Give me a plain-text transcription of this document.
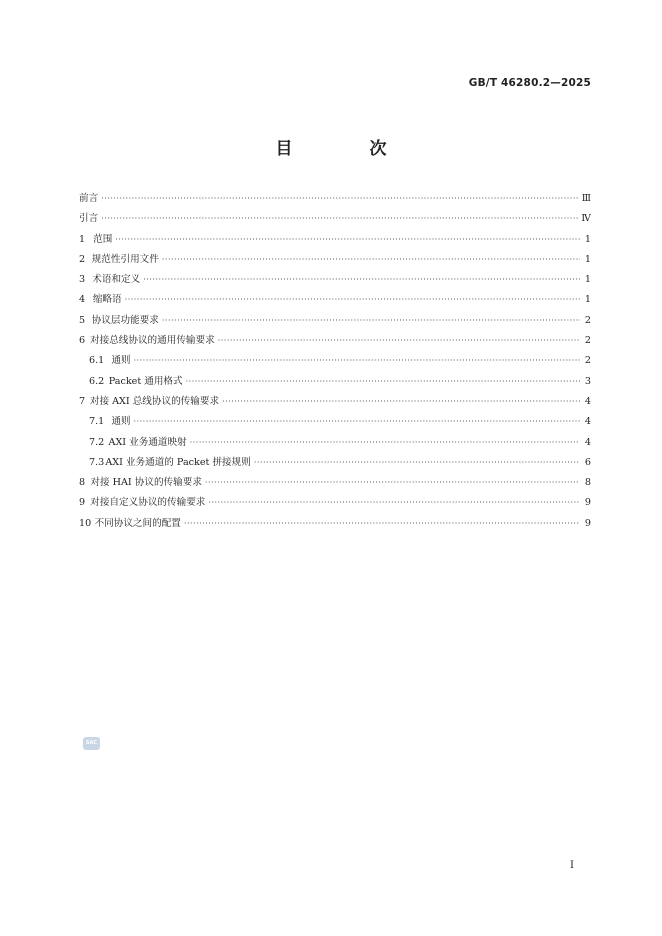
GB/T 46280.2—2025
目　次
前言 ·····	Ⅲ
引言 ·····	Ⅳ
1 范围 ·····	1
2 规范性引用文件 ·····	1
3 术语和定义 ·····	1
4 缩略语 ·····	1
5 协议层功能要求 ·····	2
6 对接总线协议的通用传输要求 ·····	2
6.1 通则 ·····	2
6.2 Packet 通用格式 ·····	3
7 对接 AXI 总线协议的传输要求 ·····	4
7.1 通则 ·····	4
7.2 AXI 业务通道映射 ·····	4
7.3 AXI 业务通道的 Packet 拼接规则 ·····	6
8 对接 HAI 协议的传输要求 ·····	8
9 对接自定义协议的传输要求 ·····	9
10 不同协议之间的配置 ·····	9
SAC
I
